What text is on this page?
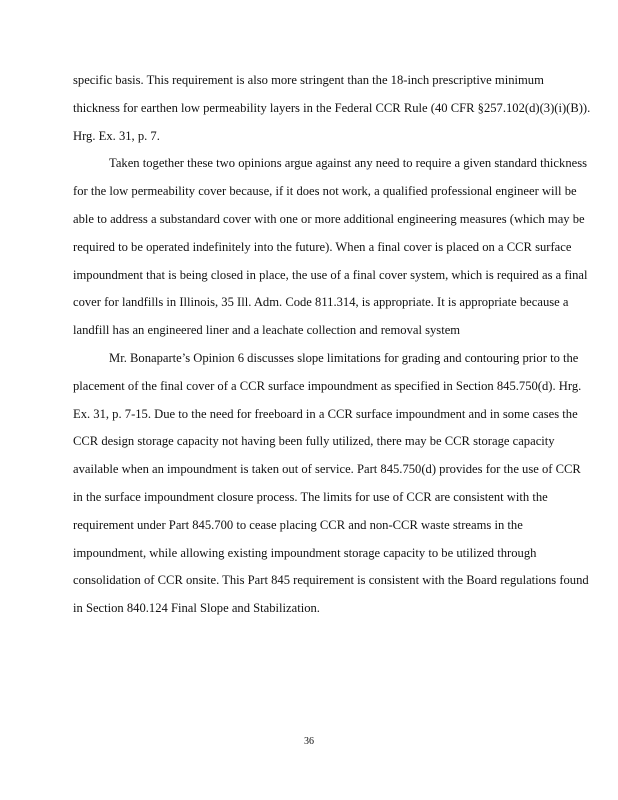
specific basis. This requirement is also more stringent than the 18-inch prescriptive minimum thickness for earthen low permeability layers in the Federal CCR Rule (40 CFR §257.102(d)(3)(i)(B)). Hrg. Ex. 31, p. 7.

Taken together these two opinions argue against any need to require a given standard thickness for the low permeability cover because, if it does not work, a qualified professional engineer will be able to address a substandard cover with one or more additional engineering measures (which may be required to be operated indefinitely into the future). When a final cover is placed on a CCR surface impoundment that is being closed in place, the use of a final cover system, which is required as a final cover for landfills in Illinois, 35 Ill. Adm. Code 811.314, is appropriate. It is appropriate because a landfill has an engineered liner and a leachate collection and removal system

Mr. Bonaparte’s Opinion 6 discusses slope limitations for grading and contouring prior to the placement of the final cover of a CCR surface impoundment as specified in Section 845.750(d). Hrg. Ex. 31, p. 7-15. Due to the need for freeboard in a CCR surface impoundment and in some cases the CCR design storage capacity not having been fully utilized, there may be CCR storage capacity available when an impoundment is taken out of service. Part 845.750(d) provides for the use of CCR in the surface impoundment closure process. The limits for use of CCR are consistent with the requirement under Part 845.700 to cease placing CCR and non-CCR waste streams in the impoundment, while allowing existing impoundment storage capacity to be utilized through consolidation of CCR onsite. This Part 845 requirement is consistent with the Board regulations found in Section 840.124 Final Slope and Stabilization.

36
